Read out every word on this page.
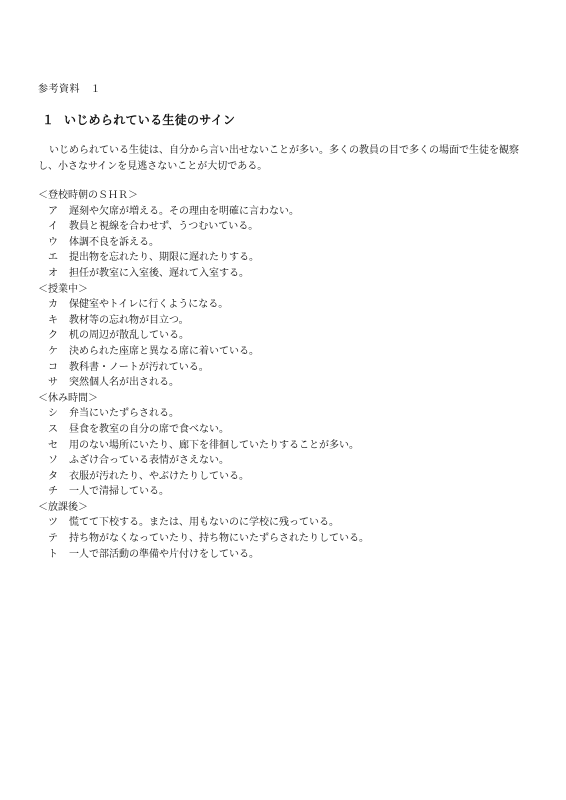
参考資料　１
１ いじめられている生徒のサイン
いじめられている生徒は、自分から言い出せないことが多い。多くの教員の目で多くの場面で生徒を観察し、小さなサインを見逃さないことが大切である。
＜登校時朝のＳＨＲ＞
ア 遅刻や欠席が増える。その理由を明確に言わない。
イ 教員と視線を合わせず、うつむいている。
ウ 体調不良を訴える。
エ 提出物を忘れたり、期限に遅れたりする。
オ 担任が教室に入室後、遅れて入室する。
＜授業中＞
カ 保健室やトイレに行くようになる。
キ 教材等の忘れ物が目立つ。
ク 机の周辺が散乱している。
ケ 決められた座席と異なる席に着いている。
コ 教科書・ノートが汚れている。
サ 突然個人名が出される。
＜休み時間＞
シ 弁当にいたずらされる。
ス 昼食を教室の自分の席で食べない。
セ 用のない場所にいたり、廊下を徘徊していたりすることが多い。
ソ ふざけ合っている表情がさえない。
タ 衣服が汚れたり、やぶけたりしている。
チ 一人で清掃している。
＜放課後＞
ツ 慌てて下校する。または、用もないのに学校に残っている。
テ 持ち物がなくなっていたり、持ち物にいたずらされたりしている。
ト 一人で部活動の準備や片付けをしている。
